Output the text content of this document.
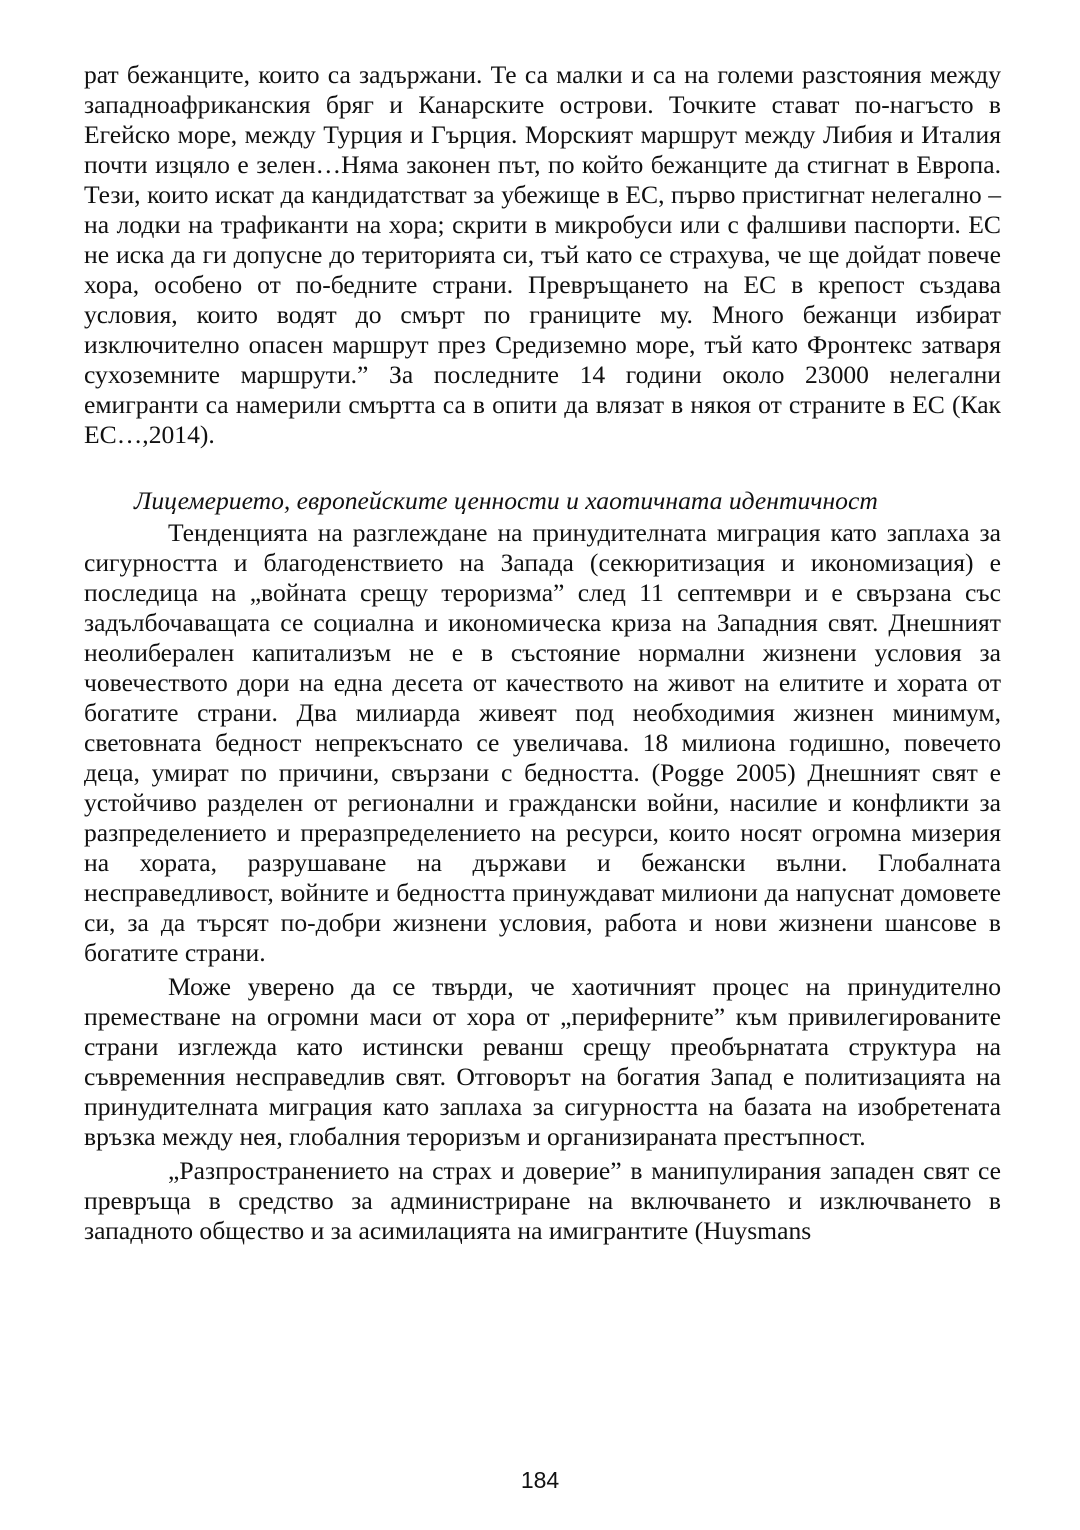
рат бежанците, които са задържани. Те са малки и са на големи разстояния между западноафриканския бряг и Канарските острови. Точките стават по-нагъсто в Егейско море, между Турция и Гърция. Морският маршрут между Либия и Италия почти изцяло е зелен…Няма законен път, по който бежанците да стигнат в Европа. Тези, които искат да кандидатстват за убежище в ЕС, първо пристигнат нелегално – на лодки на трафиканти на хора; скрити в микробуси или с фалшиви паспорти. ЕС не иска да ги допусне до територията си, тъй като се страхува, че ще дойдат повече хора, особено от по-бедните страни. Превръщането на ЕС в крепост създава условия, които водят до смърт по границите му. Много бежанци избират изключително опасен маршрут през Средиземно море, тъй като Фронтекс затваря сухоземните маршрути.” За последните 14 години около 23000 нелегални емигранти са намерили смъртта са в опити да влязат в някоя от страните в ЕС (Как ЕС…,2014).

Лицемерието, европейските ценности и хаотичната идентичност

Тенденцията на разглеждане на принудителната миграция като заплаха за сигурността и благоденствието на Запада (секюритизация и икономизация) е последица на „войната срещу тероризма” след 11 септември и е свързана със задълбочаващата се социална и икономическа криза на Западния свят. Днешният неолиберален капитализъм не е в състояние нормални жизнени условия за човечеството дори на една десета от качеството на живот на елитите и хората от богатите страни. Два милиарда живеят под необходимия жизнен минимум, световната бедност непрекъснато се увеличава. 18 милиона годишно, повечето деца, умират по причини, свързани с бедността. (Pogge 2005) Днешният свят е устойчиво разделен от регионални и граждански войни, насилие и конфликти за разпределението и преразпределението на ресурси, които носят огромна мизерия на хората, разрушаване на държави и бежански вълни. Глобалната несправедливост, войните и бедността принуждават милиони да напуснат домовете си, за да търсят по-добри жизнени условия, работа и нови жизнени шансове в богатите страни.

Може уверено да се твърди, че хаотичният процес на принудително преместване на огромни маси от хора от „периферните” към привилегированите страни изглежда като истински реванш срещу преобърнатата структура на съвременния несправедлив свят. Отговорът на богатия Запад е политизацията на принудителната миграция като заплаха за сигурността на базата на изобретената връзка между нея, глобалния тероризъм и организираната престъпност.

„Разпространението на страх и доверие” в манипулирания западен свят се превръща в средство за администриране на включването и изключването в западното общество и за асимилацията на имигрантите (Huysmans

184
